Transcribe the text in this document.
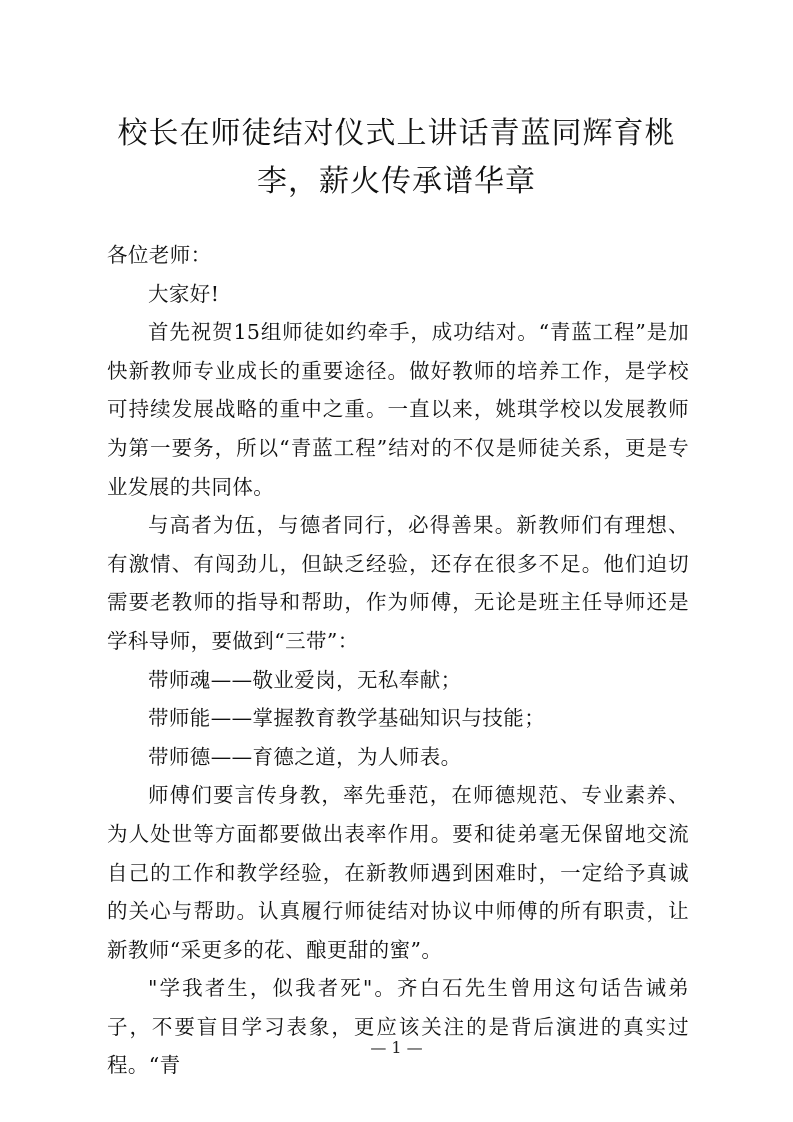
校长在师徒结对仪式上讲话青蓝同辉育桃李，薪火传承谱华章

各位老师：

大家好!

首先祝贺15组师徒如约牵手，成功结对。“青蓝工程”是加快新教师专业成长的重要途径。做好教师的培养工作，是学校可持续发展战略的重中之重。一直以来，姚琪学校以发展教师为第一要务，所以“青蓝工程”结对的不仅是师徒关系，更是专业发展的共同体。

与高者为伍，与德者同行，必得善果。新教师们有理想、有激情、有闯劲儿，但缺乏经验，还存在很多不足。他们迫切需要老教师的指导和帮助，作为师傅，无论是班主任导师还是学科导师，要做到“三带”：

带师魂——敬业爱岗，无私奉献；

带师能——掌握教育教学基础知识与技能；

带师德——育德之道，为人师表。

师傅们要言传身教，率先垂范，在师德规范、专业素养、为人处世等方面都要做出表率作用。要和徒弟毫无保留地交流自己的工作和教学经验，在新教师遇到困难时，一定给予真诚的关心与帮助。认真履行师徒结对协议中师傅的所有职责，让新教师“采更多的花、酿更甜的蜜”。

"学我者生，似我者死"。齐白石先生曾用这句话告诫弟子，不要盲目学习表象，更应该关注的是背后演进的真实过程。“青

— 1 —
